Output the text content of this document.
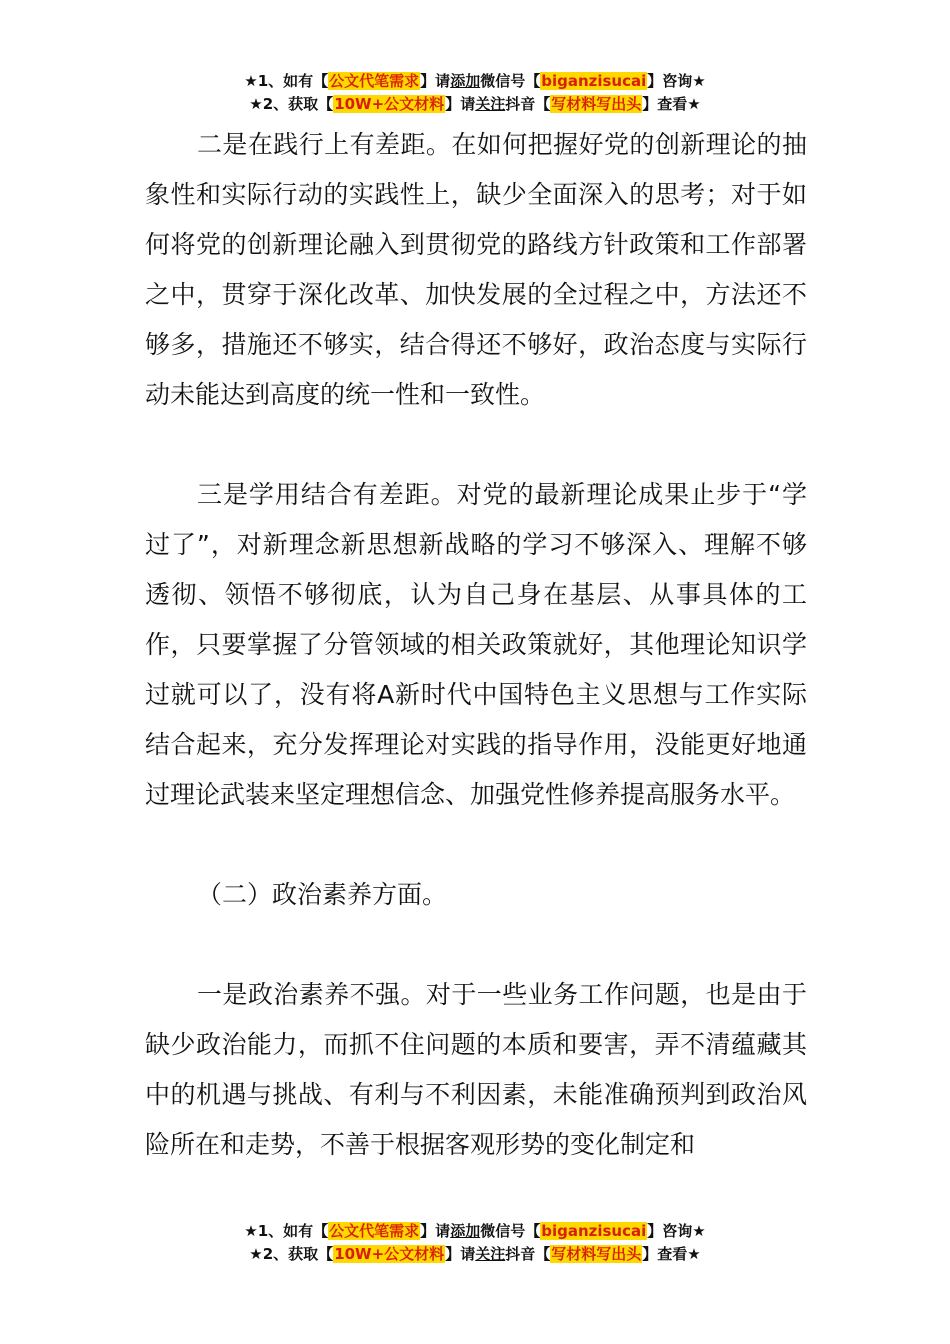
★1、如有【公文代笔需求】请添加微信号【biganzisucai】咨询★
★2、获取【10W+公文材料】请关注抖音【写材料写出头】查看★

二是在践行上有差距。在如何把握好党的创新理论的抽象性和实际行动的实践性上，缺少全面深入的思考；对于如何将党的创新理论融入到贯彻党的路线方针政策和工作部署之中，贯穿于深化改革、加快发展的全过程之中，方法还不够多，措施还不够实，结合得还不够好，政治态度与实际行动未能达到高度的统一性和一致性。

三是学用结合有差距。对党的最新理论成果止步于“学过了”，对新理念新思想新战略的学习不够深入、理解不够透彻、领悟不够彻底，认为自己身在基层、从事具体的工作，只要掌握了分管领域的相关政策就好，其他理论知识学过就可以了，没有将A新时代中国特色主义思想与工作实际结合起来，充分发挥理论对实践的指导作用，没能更好地通过理论武装来坚定理想信念、加强党性修养提高服务水平。

（二）政治素养方面。

一是政治素养不强。对于一些业务工作问题，也是由于缺少政治能力，而抓不住问题的本质和要害，弄不清蕴藏其中的机遇与挑战、有利与不利因素，未能准确预判到政治风险所在和走势，不善于根据客观形势的变化制定和

★1、如有【公文代笔需求】请添加微信号【biganzisucai】咨询★
★2、获取【10W+公文材料】请关注抖音【写材料写出头】查看★
